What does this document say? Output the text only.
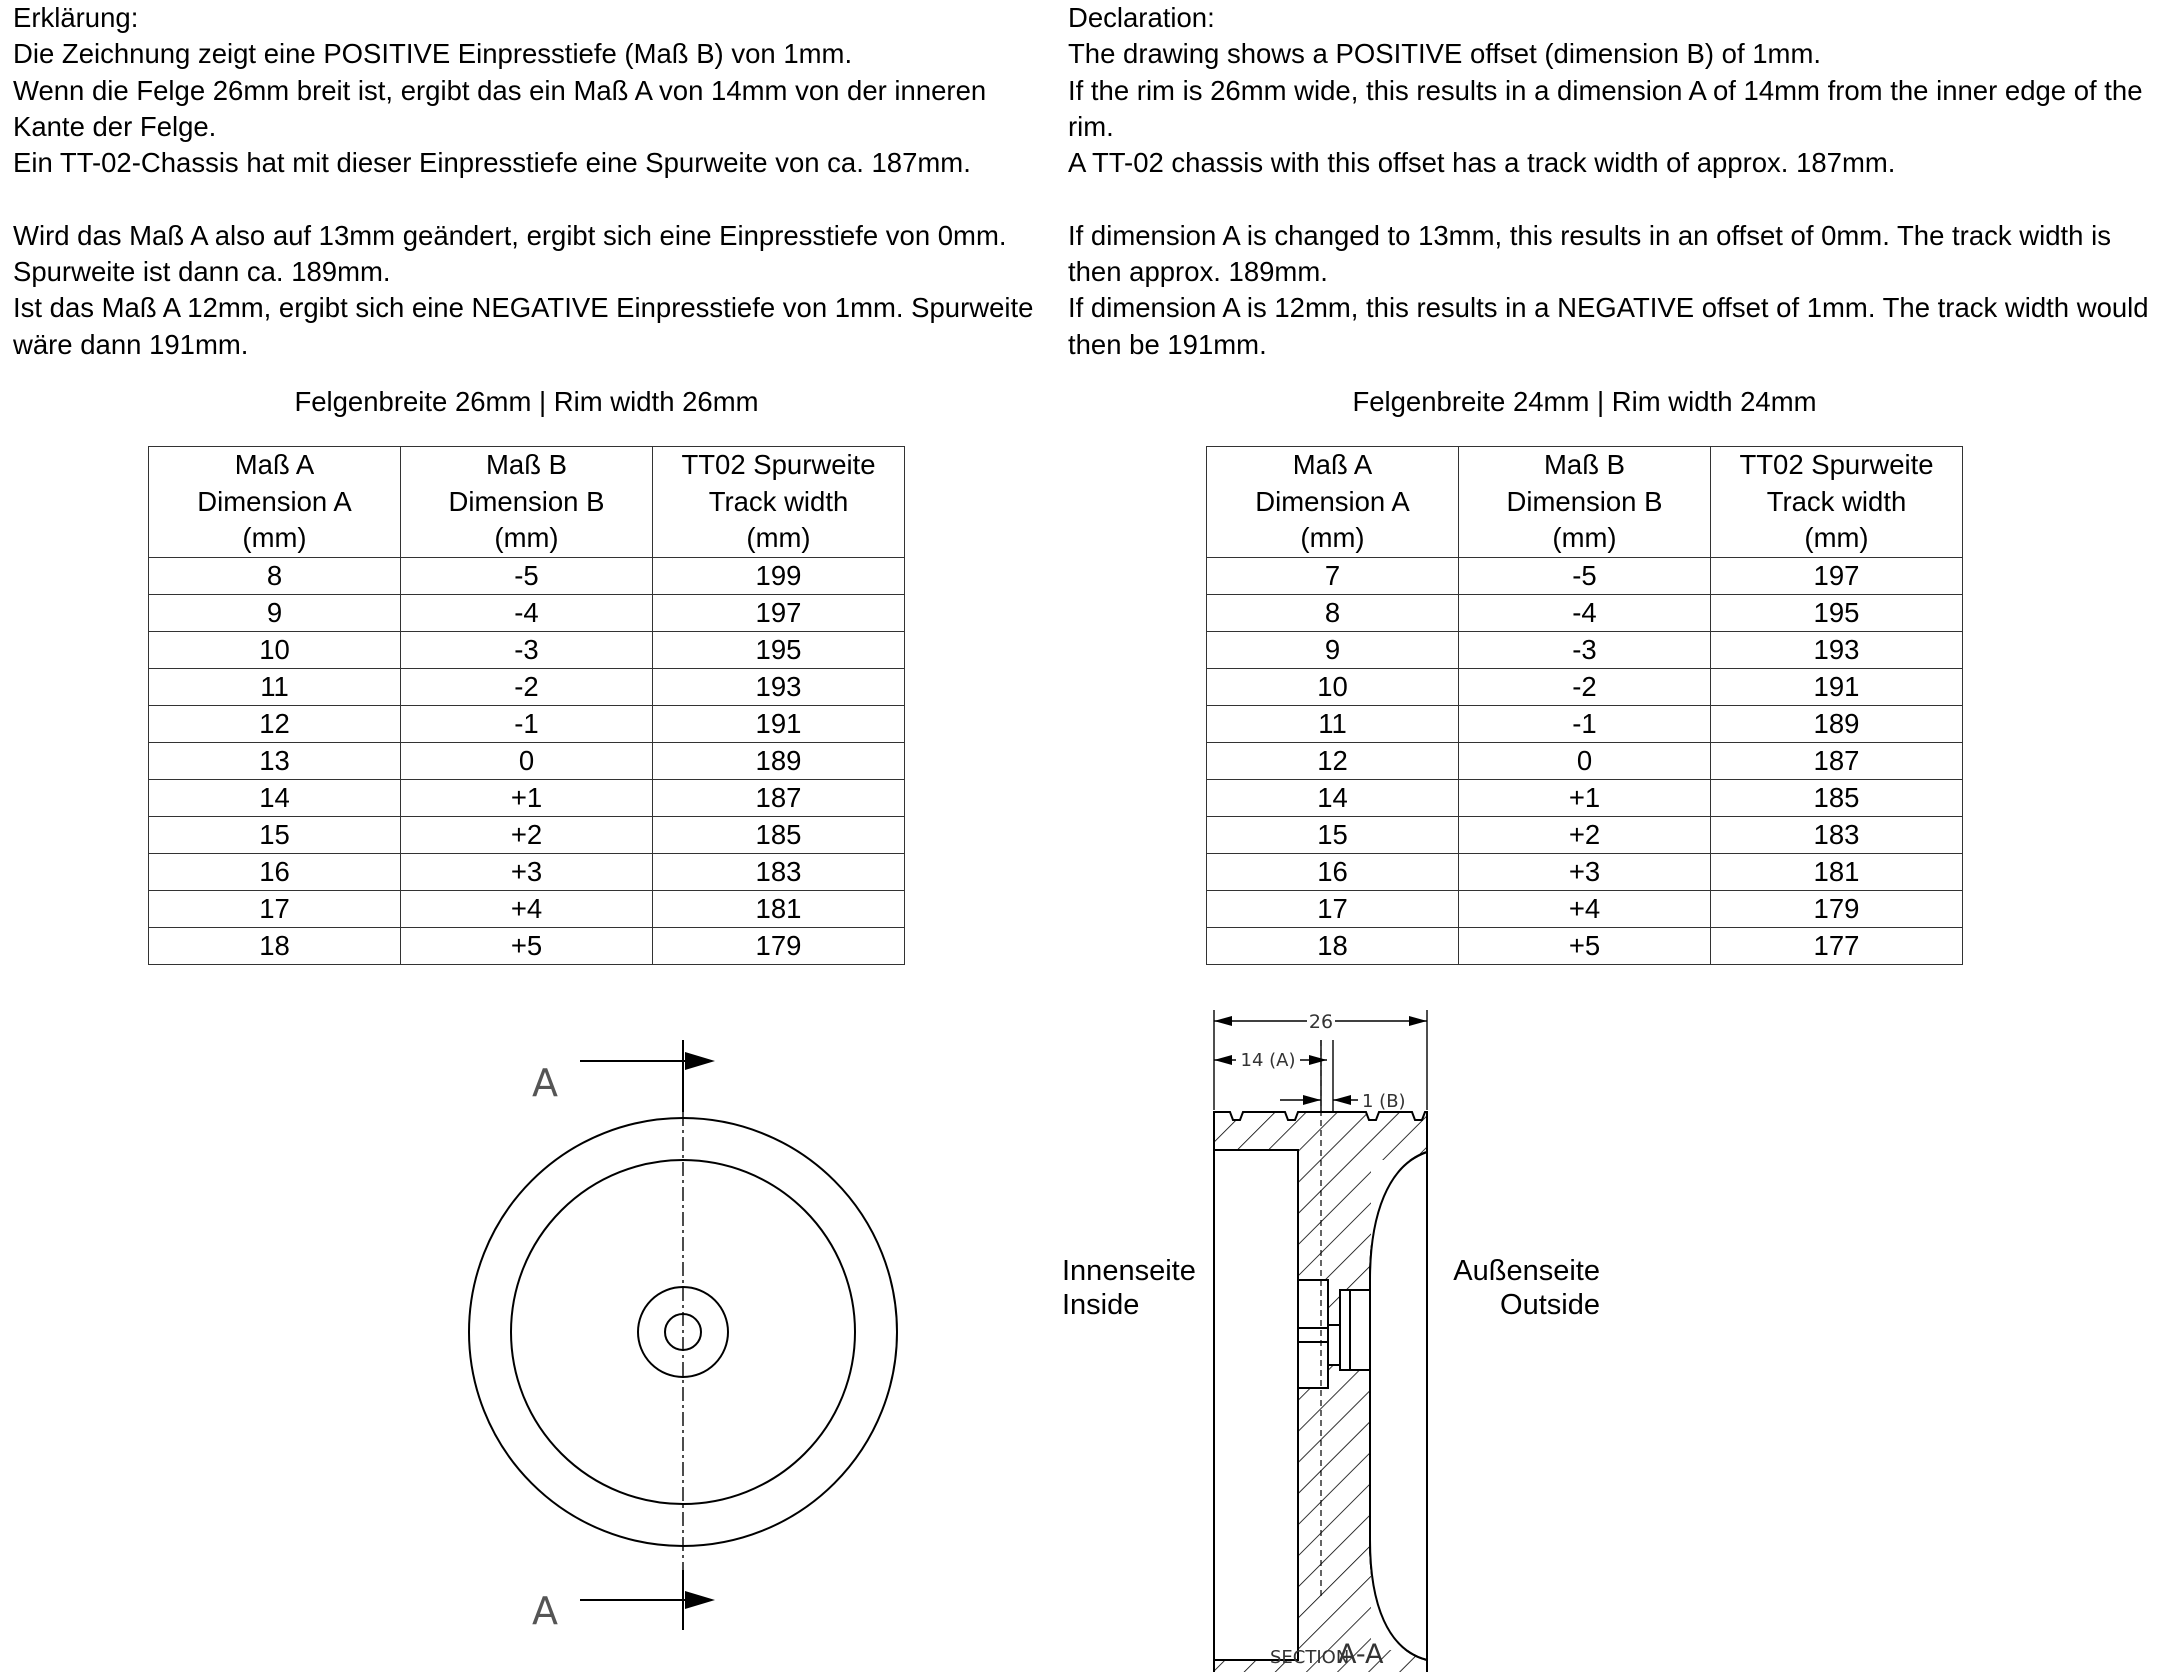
Erklärung:
Die Zeichnung zeigt eine POSITIVE Einpresstiefe (Maß B) von 1mm.
Wenn die Felge 26mm breit ist, ergibt das ein Maß A von 14mm von der inneren Kante der Felge.
Ein TT-02-Chassis hat mit dieser Einpresstiefe eine Spurweite von ca. 187mm.
Wird das Maß A also auf 13mm geändert, ergibt sich eine Einpresstiefe von 0mm. Spurweite ist dann ca. 189mm.
Ist das Maß A 12mm, ergibt sich eine NEGATIVE Einpresstiefe von 1mm. Spurweite wäre dann 191mm.
Declaration:
The drawing shows a POSITIVE offset (dimension B) of 1mm.
If the rim is 26mm wide, this results in a dimension A of 14mm from the inner edge of the rim.
A TT-02 chassis with this offset has a track width of approx. 187mm.
If dimension A is changed to 13mm, this results in an offset of 0mm. The track width is then approx. 189mm.
If dimension A is 12mm, this results in a NEGATIVE offset of 1mm. The track width would then be 191mm.
Felgenbreite 26mm | Rim width 26mm	Felgenbreite 24mm | Rim width 24mm
Maß A
Dimension A
(mm)	Maß B
Dimension B
(mm)	TT02 Spurweite
Track width
(mm)

8	-5	199
9	-4	197
10	-3	195
11	-2	193
12	-1	191
13	0	189
14	+1	187
15	+2	185
16	+3	183
17	+4	181
18	+5	179
Maß A
Dimension A
(mm)	Maß B
Dimension B
(mm)	TT02 Spurweite
Track width
(mm)

7	-5	197
8	-4	195
9	-3	193
10	-2	191
11	-1	189
12	0	187
14	+1	185
15	+2	183
16	+3	181
17	+4	179
18	+5	177
A
A
26
14 (A)
1 (B)
SECTION
A-A
Innenseite
Inside
Außenseite
Outside
